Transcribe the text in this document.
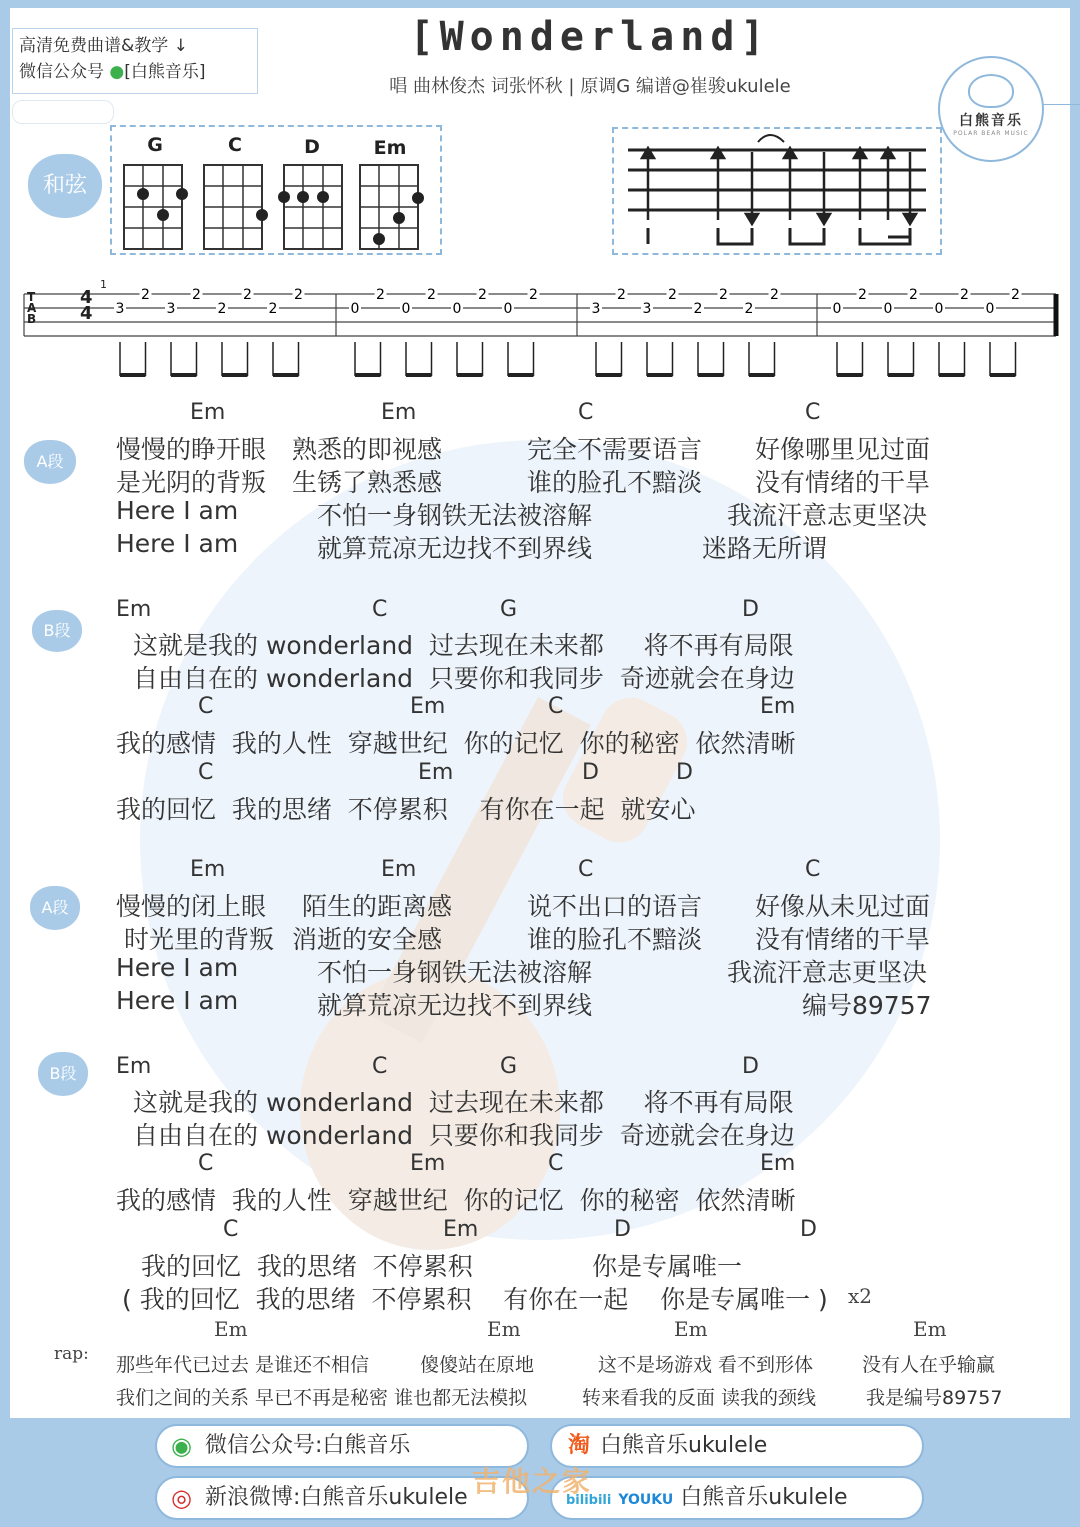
高清免费曲谱&教学 ↓
微信公众号 ●[白熊音乐]
[Wonderland]
唱 曲林俊杰 词张怀秋 | 原调G 编谱@崔骏ukulele
白熊音乐
POLAR BEAR MUSIC
和弦
G	C	D	Em
3
2
3
2
2
2
2
2
0
2
0
2
0
2
0
2
3
2
3
2
2
2
2
2
0
2
0
2
0
2
0
2
T
A
B
4
4
1
A段
Em	Em	C	C
慢慢的睁开眼 熟悉的即视感	完全不需要语言 好像哪里见过面
是光阴的背叛 生锈了熟悉感	谁的脸孔不黯淡 没有情绪的干旱
Here I am	不怕一身钢铁无法被溶解	我流汗意志更坚决
Here I am	就算荒凉无边找不到界线	迷路无所谓
B段
Em	C	G	D
这就是我的 wonderland  过去现在未来都     将不再有局限
自由自在的 wonderland  只要你和我同步  奇迹就会在身边
C	Em	C	Em
我的感情  我的人性  穿越世纪  你的记忆  你的秘密  依然清晰
C	Em	D	D
我的回忆  我的思绪  不停累积    有你在一起  就安心
A段
Em	Em	C	C
慢慢的闭上眼 陌生的距离感	说不出口的语言 好像从未见过面
时光里的背叛 消逝的安全感	谁的脸孔不黯淡 没有情绪的干旱
Here I am	不怕一身钢铁无法被溶解	我流汗意志更坚决
Here I am	就算荒凉无边找不到界线	编号89757
B段	Em	C	G	D
这就是我的 wonderland  过去现在未来都     将不再有局限
自由自在的 wonderland  只要你和我同步  奇迹就会在身边
C	Em	C	Em
我的感情  我的人性  穿越世纪  你的记忆  你的秘密  依然清晰
C	Em	D	D
我的回忆  我的思绪  不停累积               你是专属唯一
( 我的回忆  我的思绪  不停累积    有你在一起    你是专属唯一 ) x2
rap:
Em	Em	Em	Em
那些年代已过去 是谁还不相信	傻傻站在原地	这不是场游戏 看不到形体	没有人在乎输赢
我们之间的关系 早已不再是秘密 谁也都无法模拟	转来看我的反面 读我的颈线	我是编号89757
◉ 微信公众号:白熊音乐	淘 白熊音乐ukulele
◎ 新浪微博:白熊音乐ukulele	bilibili YOUKU 白熊音乐ukulele
吉他之家
